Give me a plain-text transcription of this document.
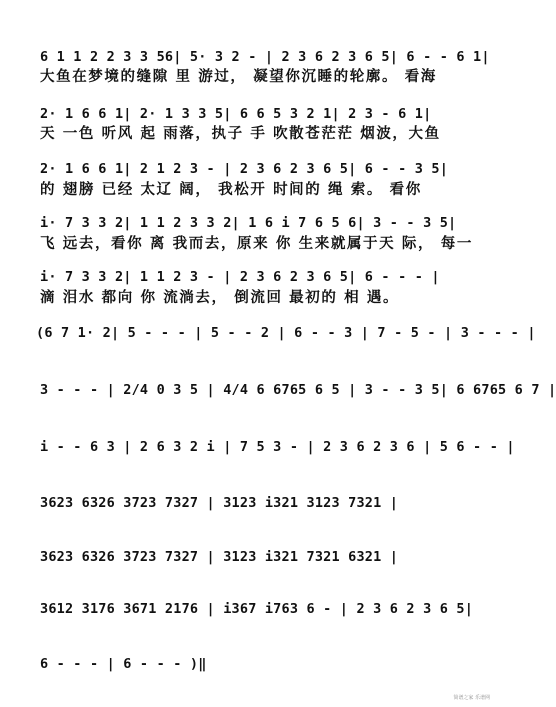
6 1 1 2 2 3 3 56| 5· 3 2 - | 2 3 6 2 3 6 5| 6 - - 6 1|
大鱼在梦境的缝隙 里 游过， 凝望你沉睡的轮廓。 看海
2· 1 6 6 1| 2· 1 3 3 5| 6 6 5 3 2 1| 2 3 - 6 1|
天 一色 听风 起 雨落，执子 手 吹散苍茫茫 烟波，大鱼
2· 1 6 6 1| 2 1 2 3 - | 2 3 6 2 3 6 5| 6 - - 3 5|
的 翅膀 已经 太辽 阔， 我松开 时间的 绳 索。 看你
i· 7 3 3 2| 1 1 2 3 3 2| 1 6 i 7 6 5 6| 3 - - 3 5|
飞 远去，看你 离 我而去，原来 你 生来就属于天 际， 每一
i· 7 3 3 2| 1 1 2 3 - | 2 3 6 2 3 6 5| 6 - - - |
滴 泪水 都向 你 流淌去， 倒流回 最初的 相 遇。
(6 7 1· 2| 5 - - - | 5 - - 2 | 6 - - 3 | 7 - 5 - | 3 - - - |
3 - - - | 2/4 0 3 5 | 4/4 6 6765 6 5 | 3 - - 3 5| 6 6765 6 7 |
i - - 6 3 | 2 6 3 2 i | 7 5 3 - | 2 3 6 2 3 6 | 5 6 - - |
3623 6326 3723 7327 | 3123 i321 3123 7321 |
3623 6326 3723 7327 | 3123 i321 7321 6321 |
3612 3176 3671 2176 | i367 i763 6 - | 2 3 6 2 3 6 5|
6 - - - | 6 - - - )‖
简谱之家 乐谱网
